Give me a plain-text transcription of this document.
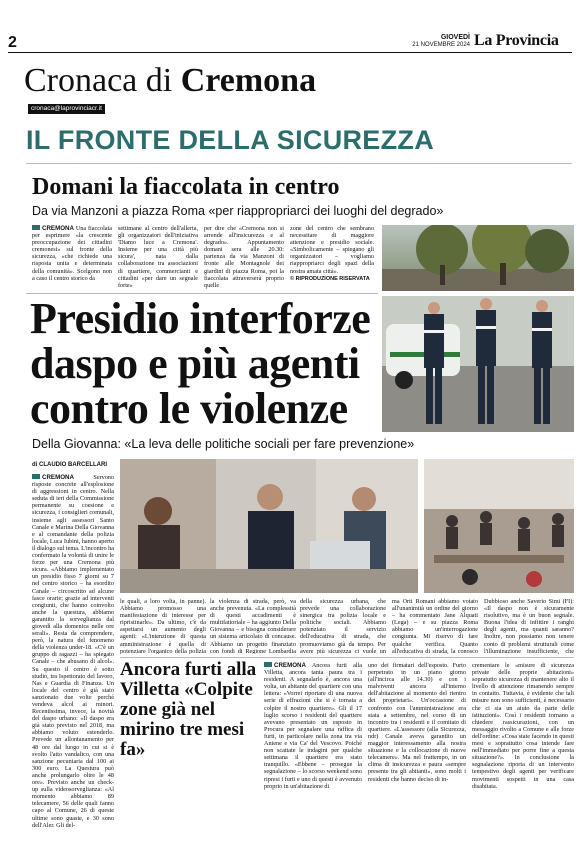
2	GIOVEDÌ
21 NOVEMBRE 2024 La Provincia
Cronaca di Cremona
cronaca@laprovinciacr.it
IL FRONTE DELLA SICUREZZA
Domani la fiaccolata in centro
Da via Manzoni a piazza Roma «per riappropriarci dei luoghi del degrado»
CREMONA Una fiaccolata per esprimere «la crescente preoccupazione dei cittadini cremonesi» sul fronte della sicurezza, «che richiede una risposta unita e determinata della comunità». Scelgono non a caso il centro storico da
settimane al centro dell'allerta, gli organizzatori dell'iniziativa 'Diamo luce a Cremona'. Insieme per una città più sicura', nata dalla collaborazione tra associazioni di quartiere, commercianti e cittadini «per dare un segnale forte»
per dire che «Cremona non si arrende all'insicurezza e al degrado». Appuntamento domani sera alle 20.30: partenza da via Manzoni di fronte alle Montagnole dei giardini di piazza Roma, poi la fiaccolata attraverserà proprio quelle
zone del centro che sembrano necessitare di maggiore attenzione e presidio sociale. «Simbolicamente – spiegano gli organizzatori – vogliamo riappropriarci degli spazi della nostra amata città».
© RIPRODUZIONE RISERVATA
Presidio interforze daspo e più agenti contro le violenze
Della Giovanna: «La leva delle politiche sociali per fare prevenzione»
di CLAUDIO BARCELLARI
CREMONA	Servono risposte concrete all'esplosione di aggressioni in centro. Nella seduta di ieri della Commissione permanente su coesione e sicurezza, i consiglieri comunali, insieme agli assessori Santo Canale e Marina Della Giovanna e al comandante della polizia locale, Luca Iubini, hanno aperto il dialogo sul tema. L'incontro ha confermato la volontà di unire le forze per una Cremona più sicura. «Abbiamo implementato un presidio fisso 7 giorni su 7 nel centro storico – ha esordito Canale – circoscritto ad alcune fasce orarie; grazie ad interventi congiunti, che hanno coinvolto anche la questura, abbiamo garantito la sorveglianza dal giovedì alla domenica nelle ore serali». Resta da comprendere, però, la natura del fenomeno della violenza under-18. «C'è un gruppo di ragazzi – ha spiegato Canale – che abusano di alcol». Su questo il centro è sotto studio, tra Ispettorato del lavoro, Nas e Guardia di Finanza. Un locale del centro è già stato sanzionato due volte perché vendeva alcol ai minori. Recentissima, invece, la novità del daspo urbano: «Il daspo era già stato previsto nel 2018, ma abbiamo voluto estenderlo. Prevede un allontanamento per 48 ore dal luogo in cui si è svolto l'atto vandalico, con una sanzione pecuniaria dal 100 ai 300 euro. La Questura può anche prolungarlo oltre le 48 ore». Previsto anche un check-up sulla videosorveglianza: «Al momento abbiamo 89 telecamere, 56 delle quali fanno capo al Comune, 26 di queste ultime sono guaste, e 30 sono dell'Aler. Gli del-
le quali, a loro volta, in panne). Abbiamo promosso una manifestazione di interesse per ripristinarle». Da ultimo, c'è da aspettarsi un aumento degli agenti: «L'intenzione di questa amministrazione è quella di potenziare l'organico della polizia
la violenza di strada, però, va anche prevenuta. «La complessità di questi accadimenti è multifattoriale – ha aggiunto Della Giovanna – e bisogna considerare un sistema articolato di concause. Abbiamo un progetto finanziato con fondi di Regione Lombardia
della sicurezza urbana, che prevede una collaborazione sinergica tra polizia locale e politiche sociali. Abbiamo potenziato il servizio dell'educativa di strada, che promuoviamo già da tempo. Per avere più sicurezza ci vuole un
ma Orti Romani abbiamo votato all'unanimità un ordine del giorno – ha commentato Jane Alquati (Lega) – e su piazza Roma abbiamo un'interrogazione congiunta. Mi riservo di fare qualche verifica. Quanto all'educativa di strada, la conosco
Dubbioso anche Saverio Simi (FI): «Il daspo non è sicuramente risolutivo, ma è un buon segnale. Buona l'idea di infittire i ranghi degli agenti, ma quanti saranno? Inoltre, non possiamo non tenere conto di problemi strutturali come l'illuminazione insufficiente, che
Ancora furti alla Villetta «Colpite zone già nel mirino tre mesi fa»
CREMONA Ancora furti alla Villetta, ancora tanta paura tra i residenti. A segnalarlo è, ancora una volta, un abitante del quartiere con una lettera: «Vorrei riportare di una nuova serie di effrazioni che si è tornata a colpire il nostro quartiere». Gli il 17 luglio scorso i residenti del quartiere avevano presentato un esposto in Procura per segnalare una raffica di furti, in particolare nella zona tra via Aniene e via Ca' del Vescovo. Poiché non scattate le indagini per qualche settimana il quartiere era stato tranquillo. «Ebbene – prosegue la segnalazione – lo scorso weekend sono ripresi i furti e uno di questi è avvenuto proprio in un'abitazione di
uno dei firmatari dell'esposto. Furto perpetrato in un piano giorno (all'incirca alle 14.30) e con i malviventi ancora all'interno dell'abitazione al momento del rientro dei proprietari». Un'occasione di confronto con l'amministrazione era stata a settembre, nel corso di un incontro tra i residenti e il comitato di quartiere. «L'assessore (alla Sicurezza, ndr) Canale aveva garantito un maggior interessamento alla nostra situazione e la collocazione di nuove telecamere». Ma nel frattempo, in un clima di insicurezza e paura «sempre presente tra gli abitanti», sono molti i residenti che hanno deciso di in-
crementare le «misure di sicurezza private delle proprie abitazioni» sopratutto sicurezza di mantenere alto il livello di attenzione rimanendo sempre in contatto. Tuttavia, è evidente che tali misure non sono sufficienti, è necessario che ci sia un aiuto da parte delle istituzioni». Così i residenti tornano a chiedere rassicurazioni, con un messaggio rivolto a Comune e alle forze dell'ordine: «Cosa state facendo in questi mesi e soprattutto cosa intende fare nell'immediato per porre fine a questa situazione?». In conclusione la segnalazione riporta di un intervento tempestivo degli agenti per verificare movimenti sospetti in una casa disabitata.
